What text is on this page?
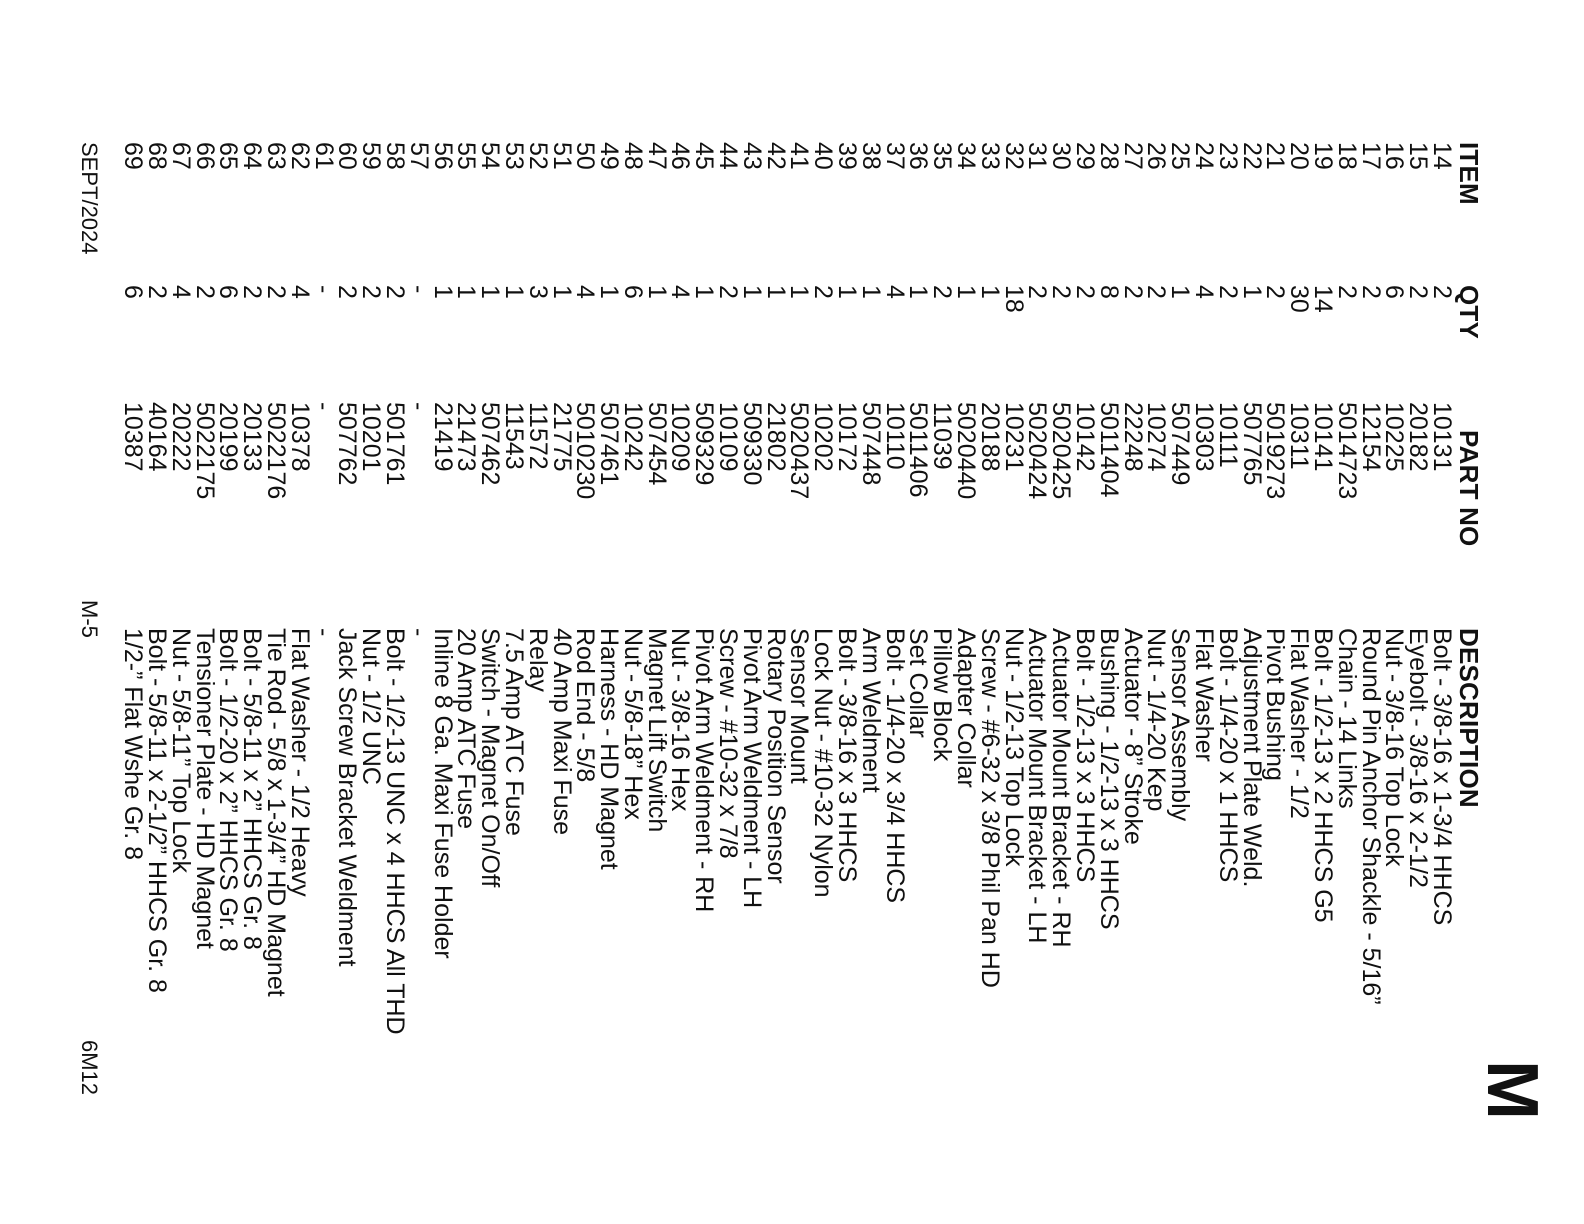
M
ITEM
QTY
PART NO
DESCRIPTION
14
2
10131
Bolt - 3/8-16 x 1-3/4 HHCS
15
2
20182
Eyebolt - 3/8-16 x 2-1/2
16
6
10225
Nut - 3/8-16 Top Lock
17
2
12154
Round Pin Anchor Shackle - 5/16”
18
2
5014723
Chain - 14 Links
19
14
10141
Bolt - 1/2-13 x 2 HHCS G5
20
30
10311
Flat Washer - 1/2
21
2
5019273
Pivot Bushing
22
1
507765
Adjustment Plate Weld.
23
2
10111
Bolt - 1/4-20 x 1 HHCS
24
4
10303
Flat Washer
25
1
507449
Sensor Assembly
26
2
10274
Nut - 1/4-20 Kep
27
2
22248
Actuator - 8” Stroke
28
8
5011404
Bushing - 1/2-13 x 3 HHCS
29
2
10142
Bolt - 1/2-13 x 3 HHCS
30
2
5020425
Actuator Mount Bracket - RH
31
2
5020424
Actuator Mount Bracket - LH
32
18
10231
Nut - 1/2-13 Top Lock
33
1
20188
Screw - #6-32 x 3/8 Phil Pan HD
34
1
5020440
Adapter Collar
35
2
11039
Pillow Block
36
1
5011406
Set Collar
37
4
10110
Bolt - 1/4-20 x 3/4 HHCS
38
1
507448
Arm Weldment
39
1
10172
Bolt - 3/8-16 x 3 HHCS
40
2
10202
Lock Nut - #10-32 Nylon
41
1
5020437
Sensor Mount
42
1
21802
Rotary Position Sensor
43
1
509330
Pivot Arm Weldment - LH
44
2
10109
Screw - #10-32 x 7/8
45
1
509329
Pivot Arm Weldment - RH
46
4
10209
Nut - 3/8-16 Hex
47
1
507454
Magnet Lift Switch
48
6
10242
Nut - 5/8-18” Hex
49
1
507461
Harness - HD Magnet
50
4
5010230
Rod End - 5/8
51
1
21775
40 Amp Maxi Fuse
52
3
11572
Relay
53
1
11543
7.5 Amp ATC Fuse
54
1
507462
Switch - Magnet On/Off
55
1
21473
20 Amp ATC Fuse
56
1
21419
Inline 8 Ga. Maxi Fuse Holder
57
-
-
-
58
2
501761
Bolt - 1/2-13 UNC x 4 HHCS All THD
59
2
10201
Nut - 1/2 UNC
60
2
507762
Jack Screw Bracket Weldment
61
-
-
-
62
4
10378
Flat Washer - 1/2 Heavy
63
2
5022176
Tie Rod - 5/8 x 1-3/4” HD Magnet
64
2
20133
Bolt - 5/8-11 x 2” HHCS Gr. 8
65
6
20199
Bolt - 1/2-20 x 2” HHCS Gr. 8
66
2
5022175
Tensioner Plate - HD Magnet
67
4
20222
Nut - 5/8-11” Top Lock
68
2
40164
Bolt - 5/8-11 x 2-1/2” HHCS Gr. 8
69
6
10387
1/2-” Flat Wshe Gr. 8
SEPT/2024
M-5
6M12
